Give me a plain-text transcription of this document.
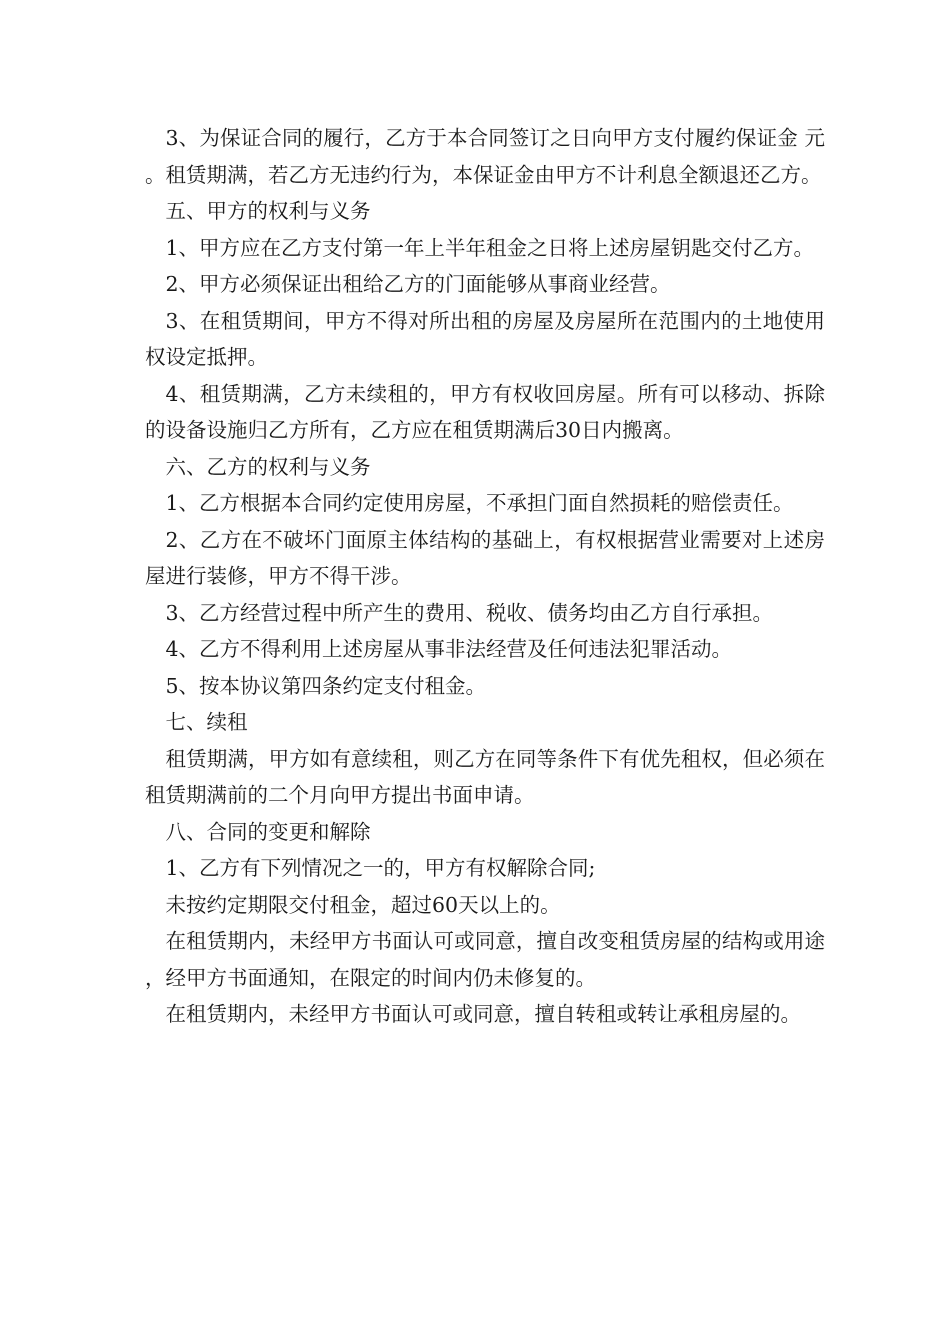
3、为保证合同的履行，乙方于本合同签订之日向甲方支付履约保证金 元。租赁期满，若乙方无违约行为，本保证金由甲方不计利息全额退还乙方。

五、甲方的权利与义务

1、甲方应在乙方支付第一年上半年租金之日将上述房屋钥匙交付乙方。

2、甲方必须保证出租给乙方的门面能够从事商业经营。

3、在租赁期间，甲方不得对所出租的房屋及房屋所在范围内的土地使用权设定抵押。

4、租赁期满，乙方未续租的，甲方有权收回房屋。所有可以移动、拆除的设备设施归乙方所有，乙方应在租赁期满后30日内搬离。

六、乙方的权利与义务

1、乙方根据本合同约定使用房屋，不承担门面自然损耗的赔偿责任。

2、乙方在不破坏门面原主体结构的基础上，有权根据营业需要对上述房屋进行装修，甲方不得干涉。

3、乙方经营过程中所产生的费用、税收、债务均由乙方自行承担。

4、乙方不得利用上述房屋从事非法经营及任何违法犯罪活动。

5、按本协议第四条约定支付租金。

七、续租

租赁期满，甲方如有意续租，则乙方在同等条件下有优先租权，但必须在租赁期满前的二个月向甲方提出书面申请。

八、合同的变更和解除

1、乙方有下列情况之一的，甲方有权解除合同;

未按约定期限交付租金，超过60天以上的。

在租赁期内，未经甲方书面认可或同意，擅自改变租赁房屋的结构或用途，经甲方书面通知，在限定的时间内仍未修复的。

在租赁期内，未经甲方书面认可或同意，擅自转租或转让承租房屋的。
